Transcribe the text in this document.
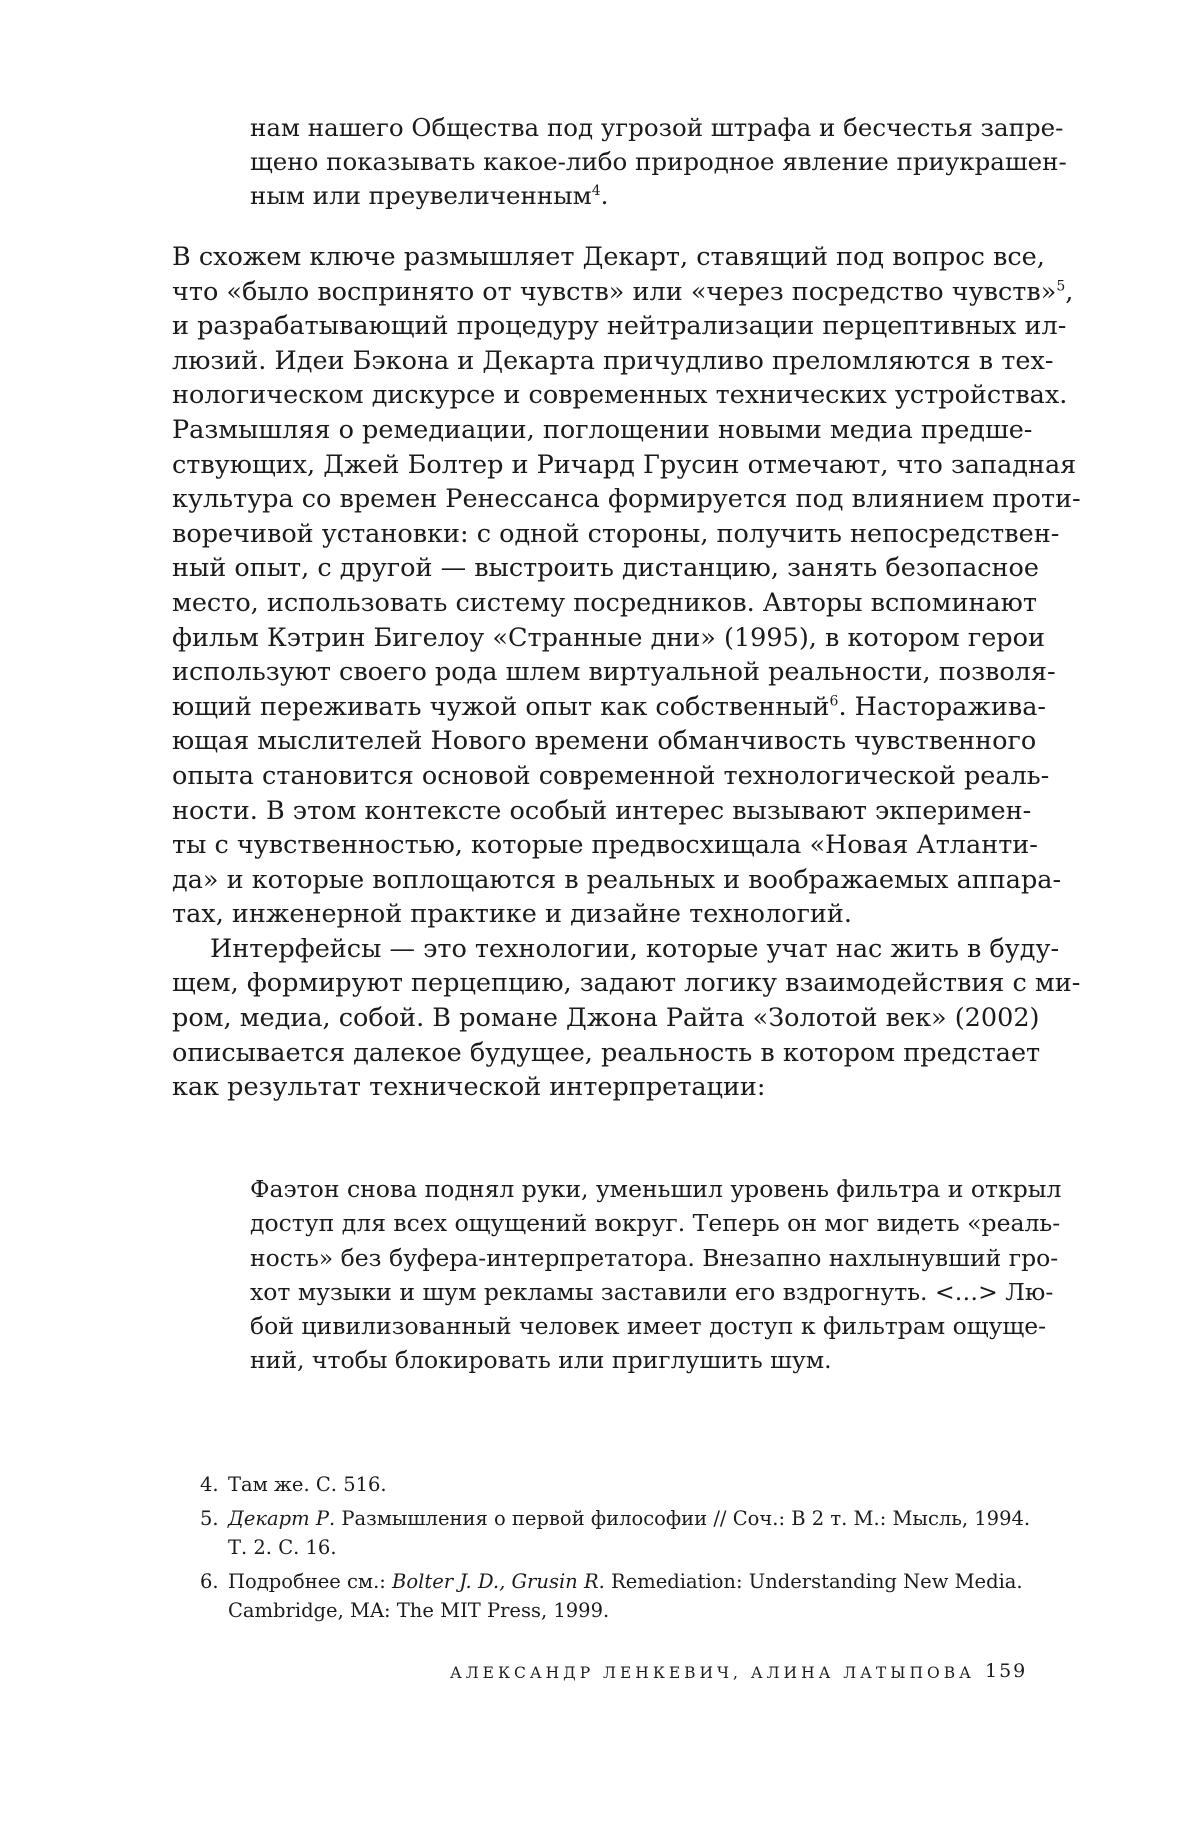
нам нашего Общества под угрозой штрафа и бесчестья запре-
щено показывать какое-либо природное явление приукрашен-
ным или преувеличенным$^4$.
В схожем ключе размышляет Декарт, ставящий под вопрос все,
что «было воспринято от чувств» или «через посредство чувств»$^5$,
и разрабатывающий процедуру нейтрализации перцептивных ил-
люзий. Идеи Бэкона и Декарта причудливо преломляются в тех-
нологическом дискурсе и современных технических устройствах.
Размышляя о ремедиации, поглощении новыми медиа предше-
ствующих, Джей Болтер и Ричард Грусин отмечают, что западная
культура со времен Ренессанса формируется под влиянием проти-
воречивой установки: с одной стороны, получить непосредствен-
ный опыт, с другой — выстроить дистанцию, занять безопасное
место, использовать систему посредников. Авторы вспоминают
фильм Кэтрин Бигелоу «Странные дни» (1995), в котором герои
используют своего рода шлем виртуальной реальности, позволя-
ющий переживать чужой опыт как собственный$^6$. Настораживa-
ющая мыслителей Нового времени обманчивость чувственного
опыта становится основой современной технологической реаль-
ности. В этом контексте особый интерес вызывают экперимен-
ты с чувственностью, которые предвосхищала «Новая Атланти-
да» и которые воплощаются в реальных и воображаемых аппара-
тах, инженерной практике и дизайне технологий.
Интерфейсы — это технологии, которые учат нас жить в буду-
щем, формируют перцепцию, задают логику взаимодействия с ми-
ром, медиа, собой. В романе Джона Райта «Золотой век» (2002)
описывается далекое будущее, реальность в котором предстает
как результат технической интерпретации:
Фаэтон снова поднял руки, уменьшил уровень фильтра и открыл
доступ для всех ощущений вокруг. Теперь он мог видеть «реаль-
ность» без буфера-интерпретатора. Внезапно нахлынувший гро-
хот музыки и шум рекламы заставили его вздрогнуть. <…> Лю-
бой цивилизованный человек имеет доступ к фильтрам ощуще-
ний, чтобы блокировать или приглушить шум.
4. Там же. С. 516.
5. Декарт Р. Размышления о первой философии // Соч.: В 2 т. М.: Мысль, 1994.
Т. 2. С. 16.
6. Подробнее см.: Bolter J. D., Grusin R. Remediation: Understanding New Media.
Cambridge, MA: The MIT Press, 1999.
АЛЕКСАНДР ЛЕНКЕВИЧ, АЛИНА ЛАТЫПОВА 159
